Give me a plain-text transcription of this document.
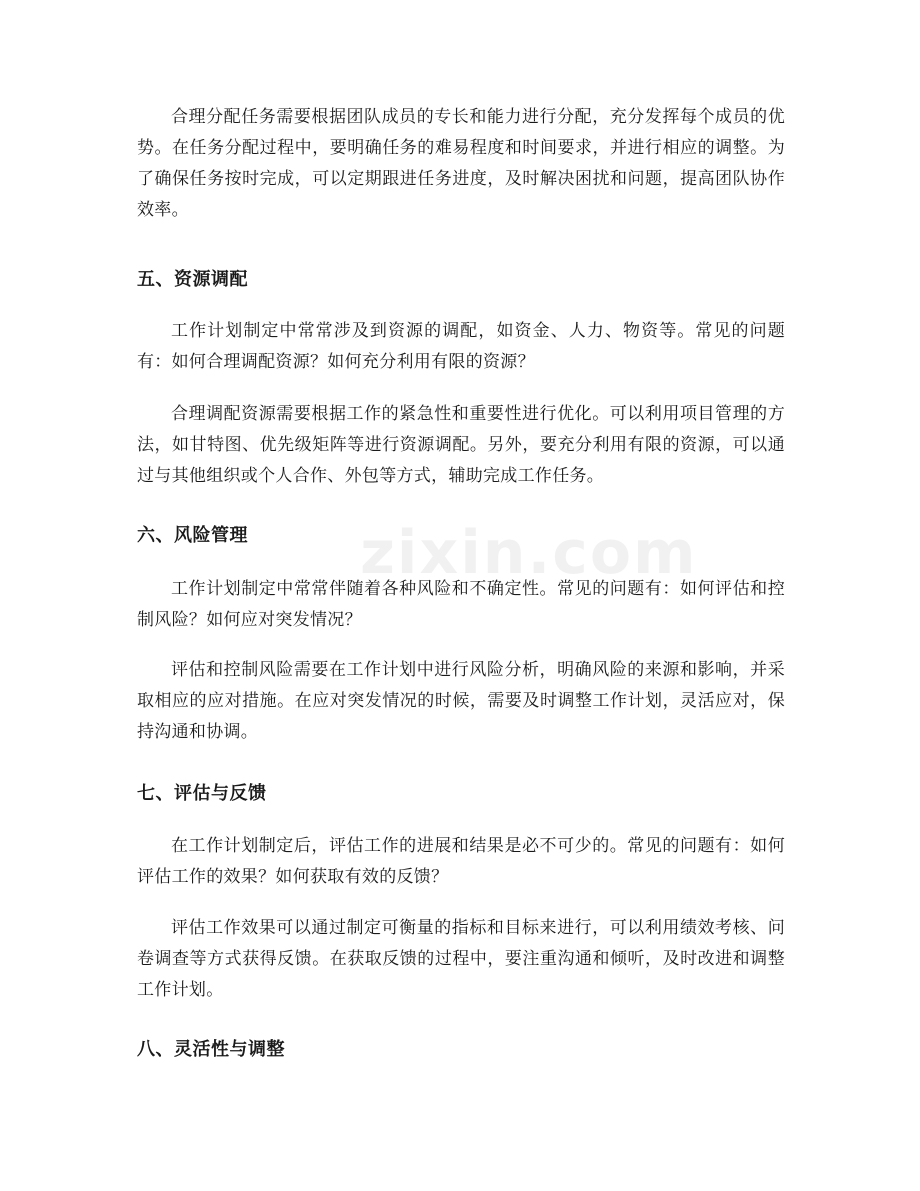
zixin.com

合理分配任务需要根据团队成员的专长和能力进行分配，充分发挥每个成员的优势。在任务分配过程中，要明确任务的难易程度和时间要求，并进行相应的调整。为了确保任务按时完成，可以定期跟进任务进度，及时解决困扰和问题，提高团队协作效率。

五、资源调配

工作计划制定中常常涉及到资源的调配，如资金、人力、物资等。常见的问题有：如何合理调配资源？如何充分利用有限的资源？

合理调配资源需要根据工作的紧急性和重要性进行优化。可以利用项目管理的方法，如甘特图、优先级矩阵等进行资源调配。另外，要充分利用有限的资源，可以通过与其他组织或个人合作、外包等方式，辅助完成工作任务。

六、风险管理

工作计划制定中常常伴随着各种风险和不确定性。常见的问题有：如何评估和控制风险？如何应对突发情况？

评估和控制风险需要在工作计划中进行风险分析，明确风险的来源和影响，并采取相应的应对措施。在应对突发情况的时候，需要及时调整工作计划，灵活应对，保持沟通和协调。

七、评估与反馈

在工作计划制定后，评估工作的进展和结果是必不可少的。常见的问题有：如何评估工作的效果？如何获取有效的反馈？

评估工作效果可以通过制定可衡量的指标和目标来进行，可以利用绩效考核、问卷调查等方式获得反馈。在获取反馈的过程中，要注重沟通和倾听，及时改进和调整工作计划。

八、灵活性与调整
